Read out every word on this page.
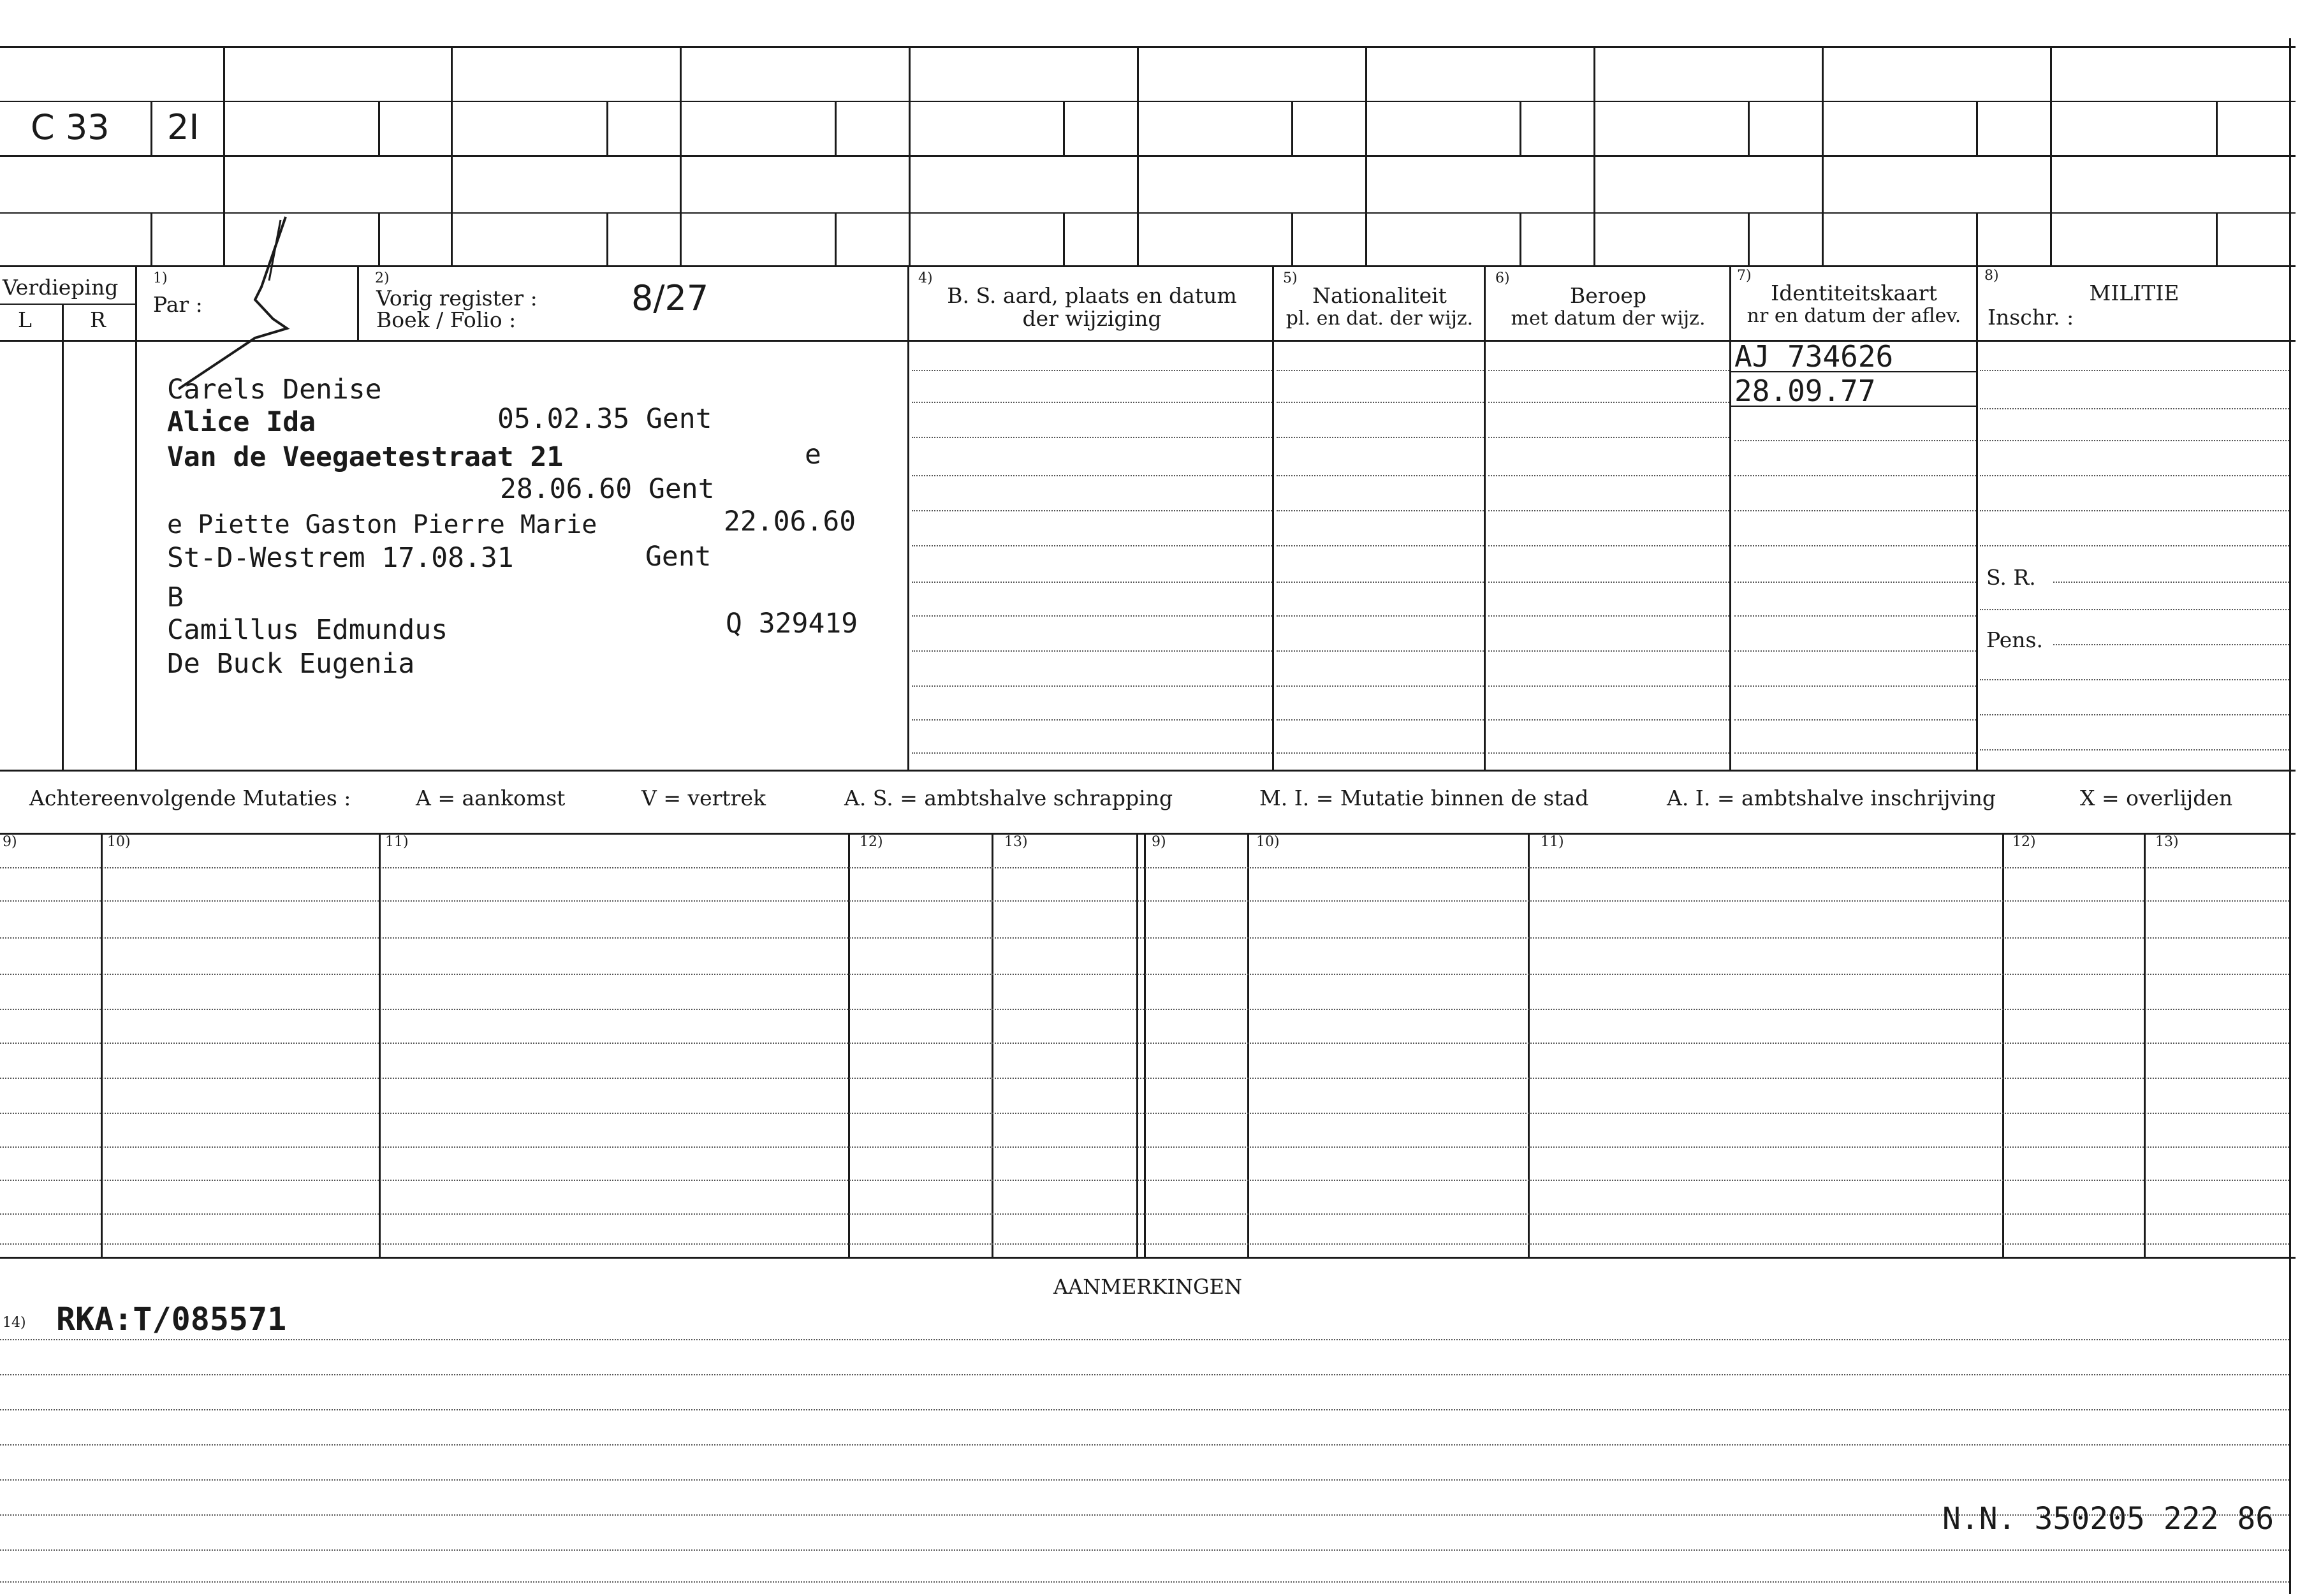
C 33 2I
Verdieping
L	R
1)
Par :
2)
Vorig register :
Boek / Folio :
8/27	4)
B. S. aard, plaats en datum
der wijziging
5)
Nationaliteit
pl. en dat. der wijz.
6)
Beroep
met datum der wijz.
7)
Identiteitskaart
nr en datum der aflev.
8)
MILITIE
Inschr. :
S. R.
Pens.
AJ 734626
28.09.77
Carels Denise
Alice Ida	05.02.35 Gent
Van de Veegaetestraat 21	e
28.06.60 Gent
e Piette Gaston Pierre Marie	22.06.60
St-D-Westrem 17.08.31	Gent
B
Camillus Edmundus	Q 329419
De Buck Eugenia
Achtereenvolgende Mutaties :	A = aankomst	V = vertrek	A. S. = ambtshalve schrapping	M. I. = Mutatie binnen de stad	A. I. = ambtshalve inschrijving	X = overlijden
9)	10)	11)	12)	13)	9)	10)	11)	12)	13)
AANMERKINGEN
14) RKA:T/085571
N.N. 350205 222 86
